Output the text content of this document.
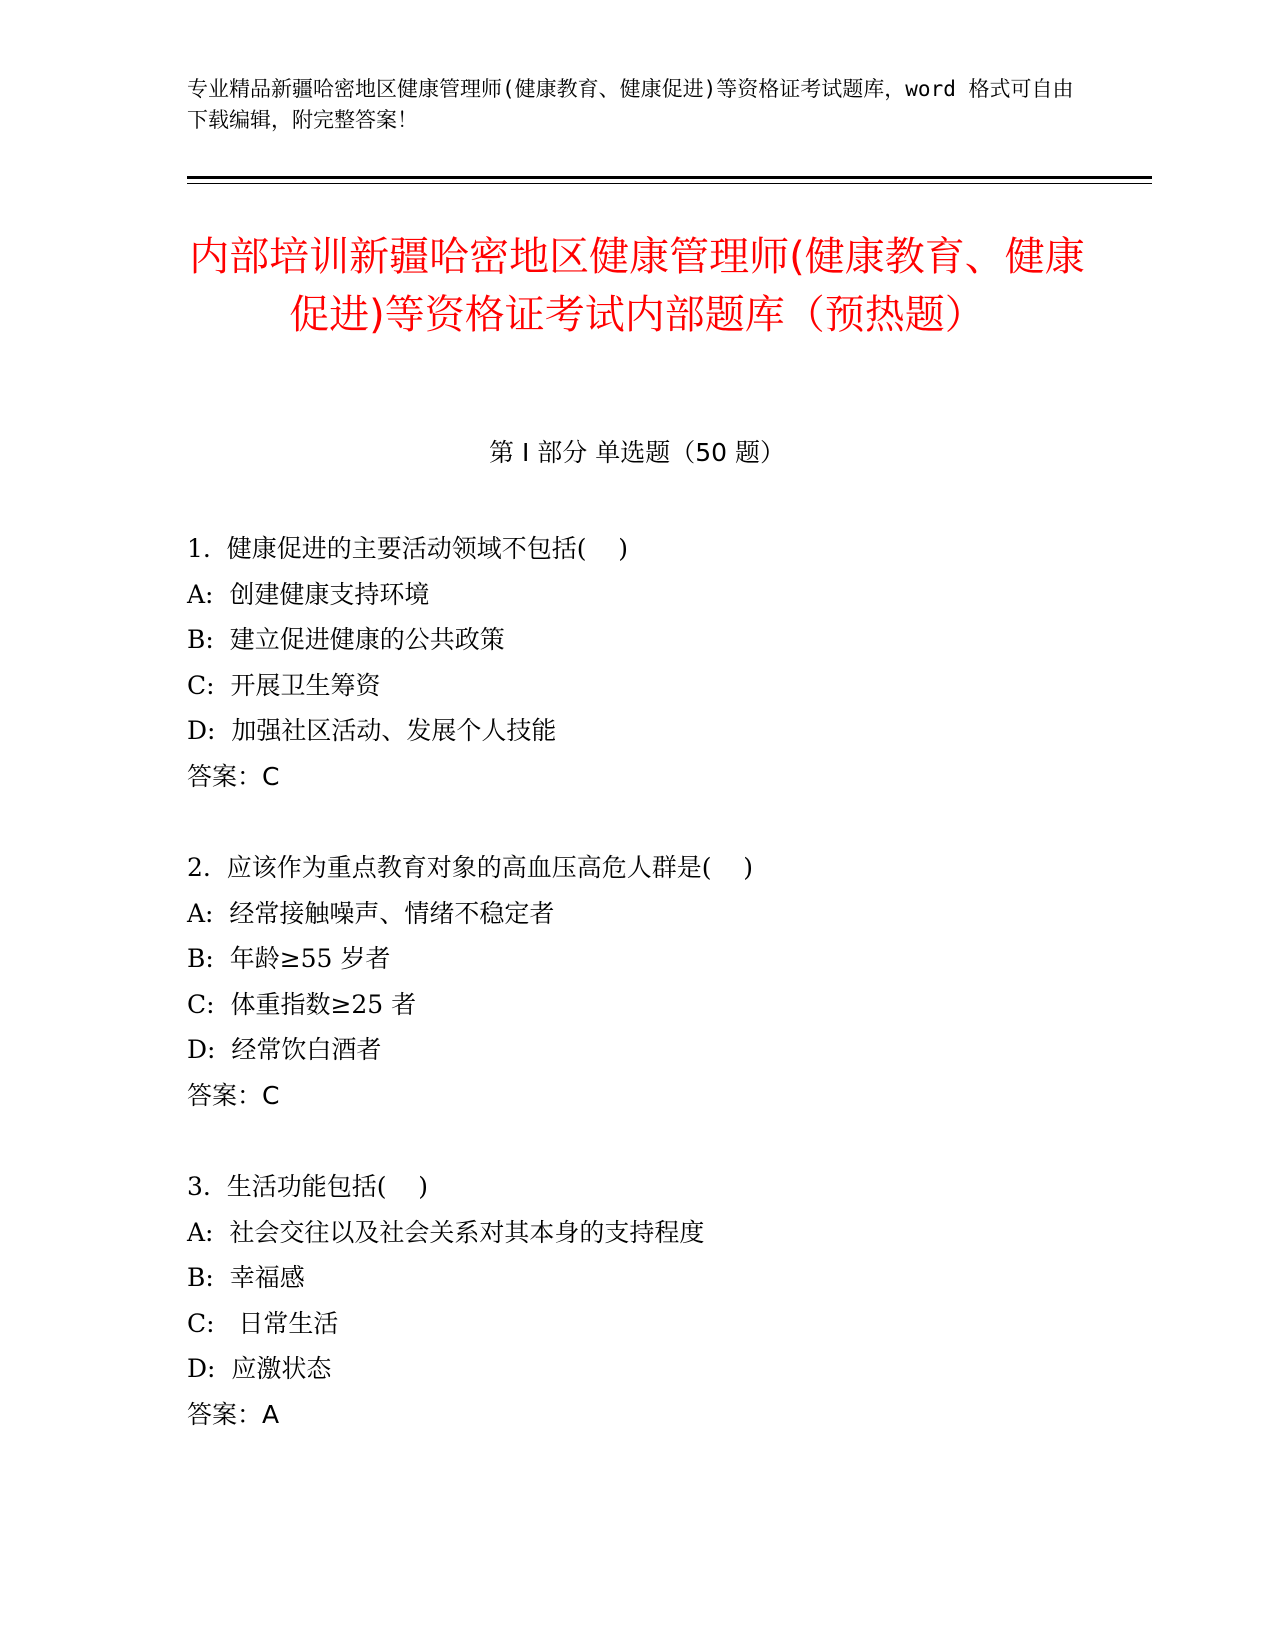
专业精品新疆哈密地区健康管理师(健康教育、健康促进)等资格证考试题库，word 格式可自由下载编辑，附完整答案！
内部培训新疆哈密地区健康管理师(健康教育、健康促进)等资格证考试内部题库（预热题）
第 I 部分 单选题（50 题）
1.  健康促进的主要活动领域不包括(    )
A:  创建健康支持环境
B:  建立促进健康的公共政策
C:  开展卫生筹资
D:  加强社区活动、发展个人技能
答案：C
2.  应该作为重点教育对象的高血压高危人群是(    )
A:  经常接触噪声、情绪不稳定者
B:  年龄≥55 岁者
C:  体重指数≥25 者
D:  经常饮白酒者
答案：C
3.  生活功能包括(    )
A:  社会交往以及社会关系对其本身的支持程度
B:  幸福感
C:   日常生活
D:  应激状态
答案：A
